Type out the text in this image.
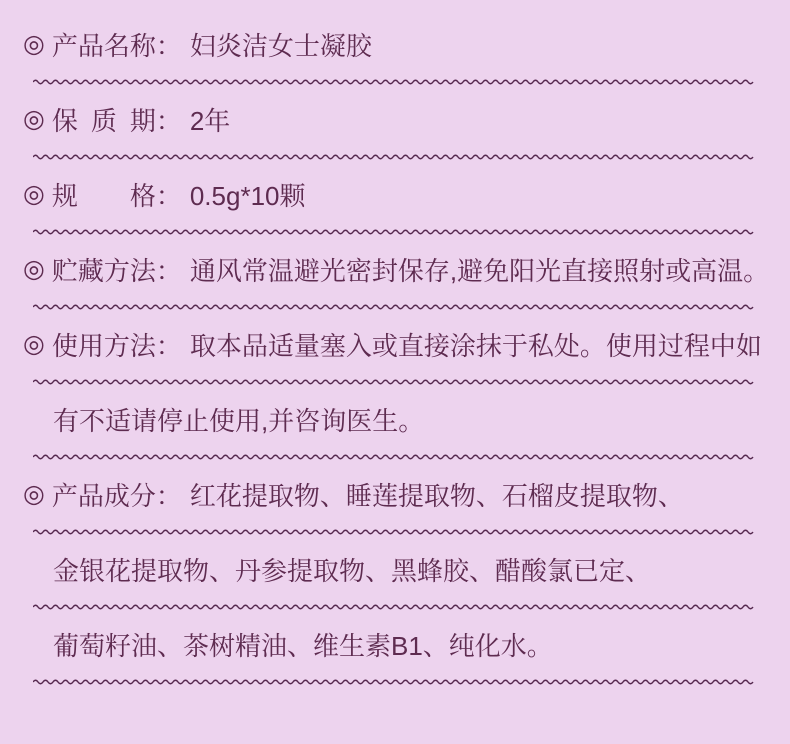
◎ 产品名称 ： 妇炎洁女士凝胶
◎ 保质期 ： 2年
◎ 规格 ： 0.5g*10颗
◎ 贮藏方法 ： 通风常温避光密封保存,避免阳光直接照射或高温。
◎ 使用方法 ： 取本品适量塞入或直接涂抹于私处。使用过程中如
有不适请停止使用,并咨询医生。
◎ 产品成分 ： 红花提取物、睡莲提取物、石榴皮提取物、
金银花提取物、丹参提取物、黑蜂胶、醋酸氯已定、
葡萄籽油、茶树精油、维生素B1、纯化水。
